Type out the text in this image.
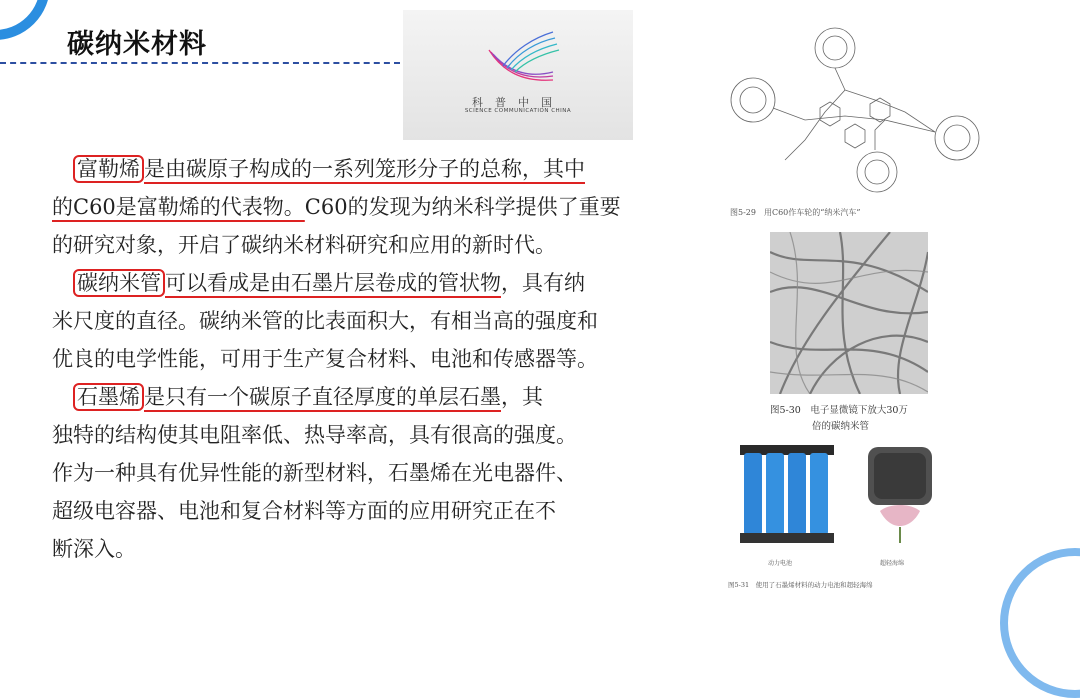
碳纳米材料
科普中国
SCIENCE COMMUNICATION CHINA
　富勒烯 是由碳原子构成的一系列笼形分子的总称，其中
的C60是富勒烯的代表物。C60的发现为纳米科学提供了重要
的研究对象，开启了碳纳米材料研究和应用的新时代。
　碳纳米管 可以看成是由石墨片层卷成的管状物，具有纳
米尺度的直径。碳纳米管的比表面积大，有相当高的强度和
优良的电学性能，可用于生产复合材料、电池和传感器等。
　石墨烯 是只有一个碳原子直径厚度的单层石墨，其
独特的结构使其电阻率低、热导率高，具有很高的强度。
作为一种具有优异性能的新型材料，石墨烯在光电器件、
超级电容器、电池和复合材料等方面的应用研究正在不
断深入。
图5-29　用C60作车轮的“纳米汽车”
图5-30　电子显微镜下放大30万
倍的碳纳米管
动力电池	超轻海绵
图5-31　使用了石墨烯材料的动力电池和超轻海绵
